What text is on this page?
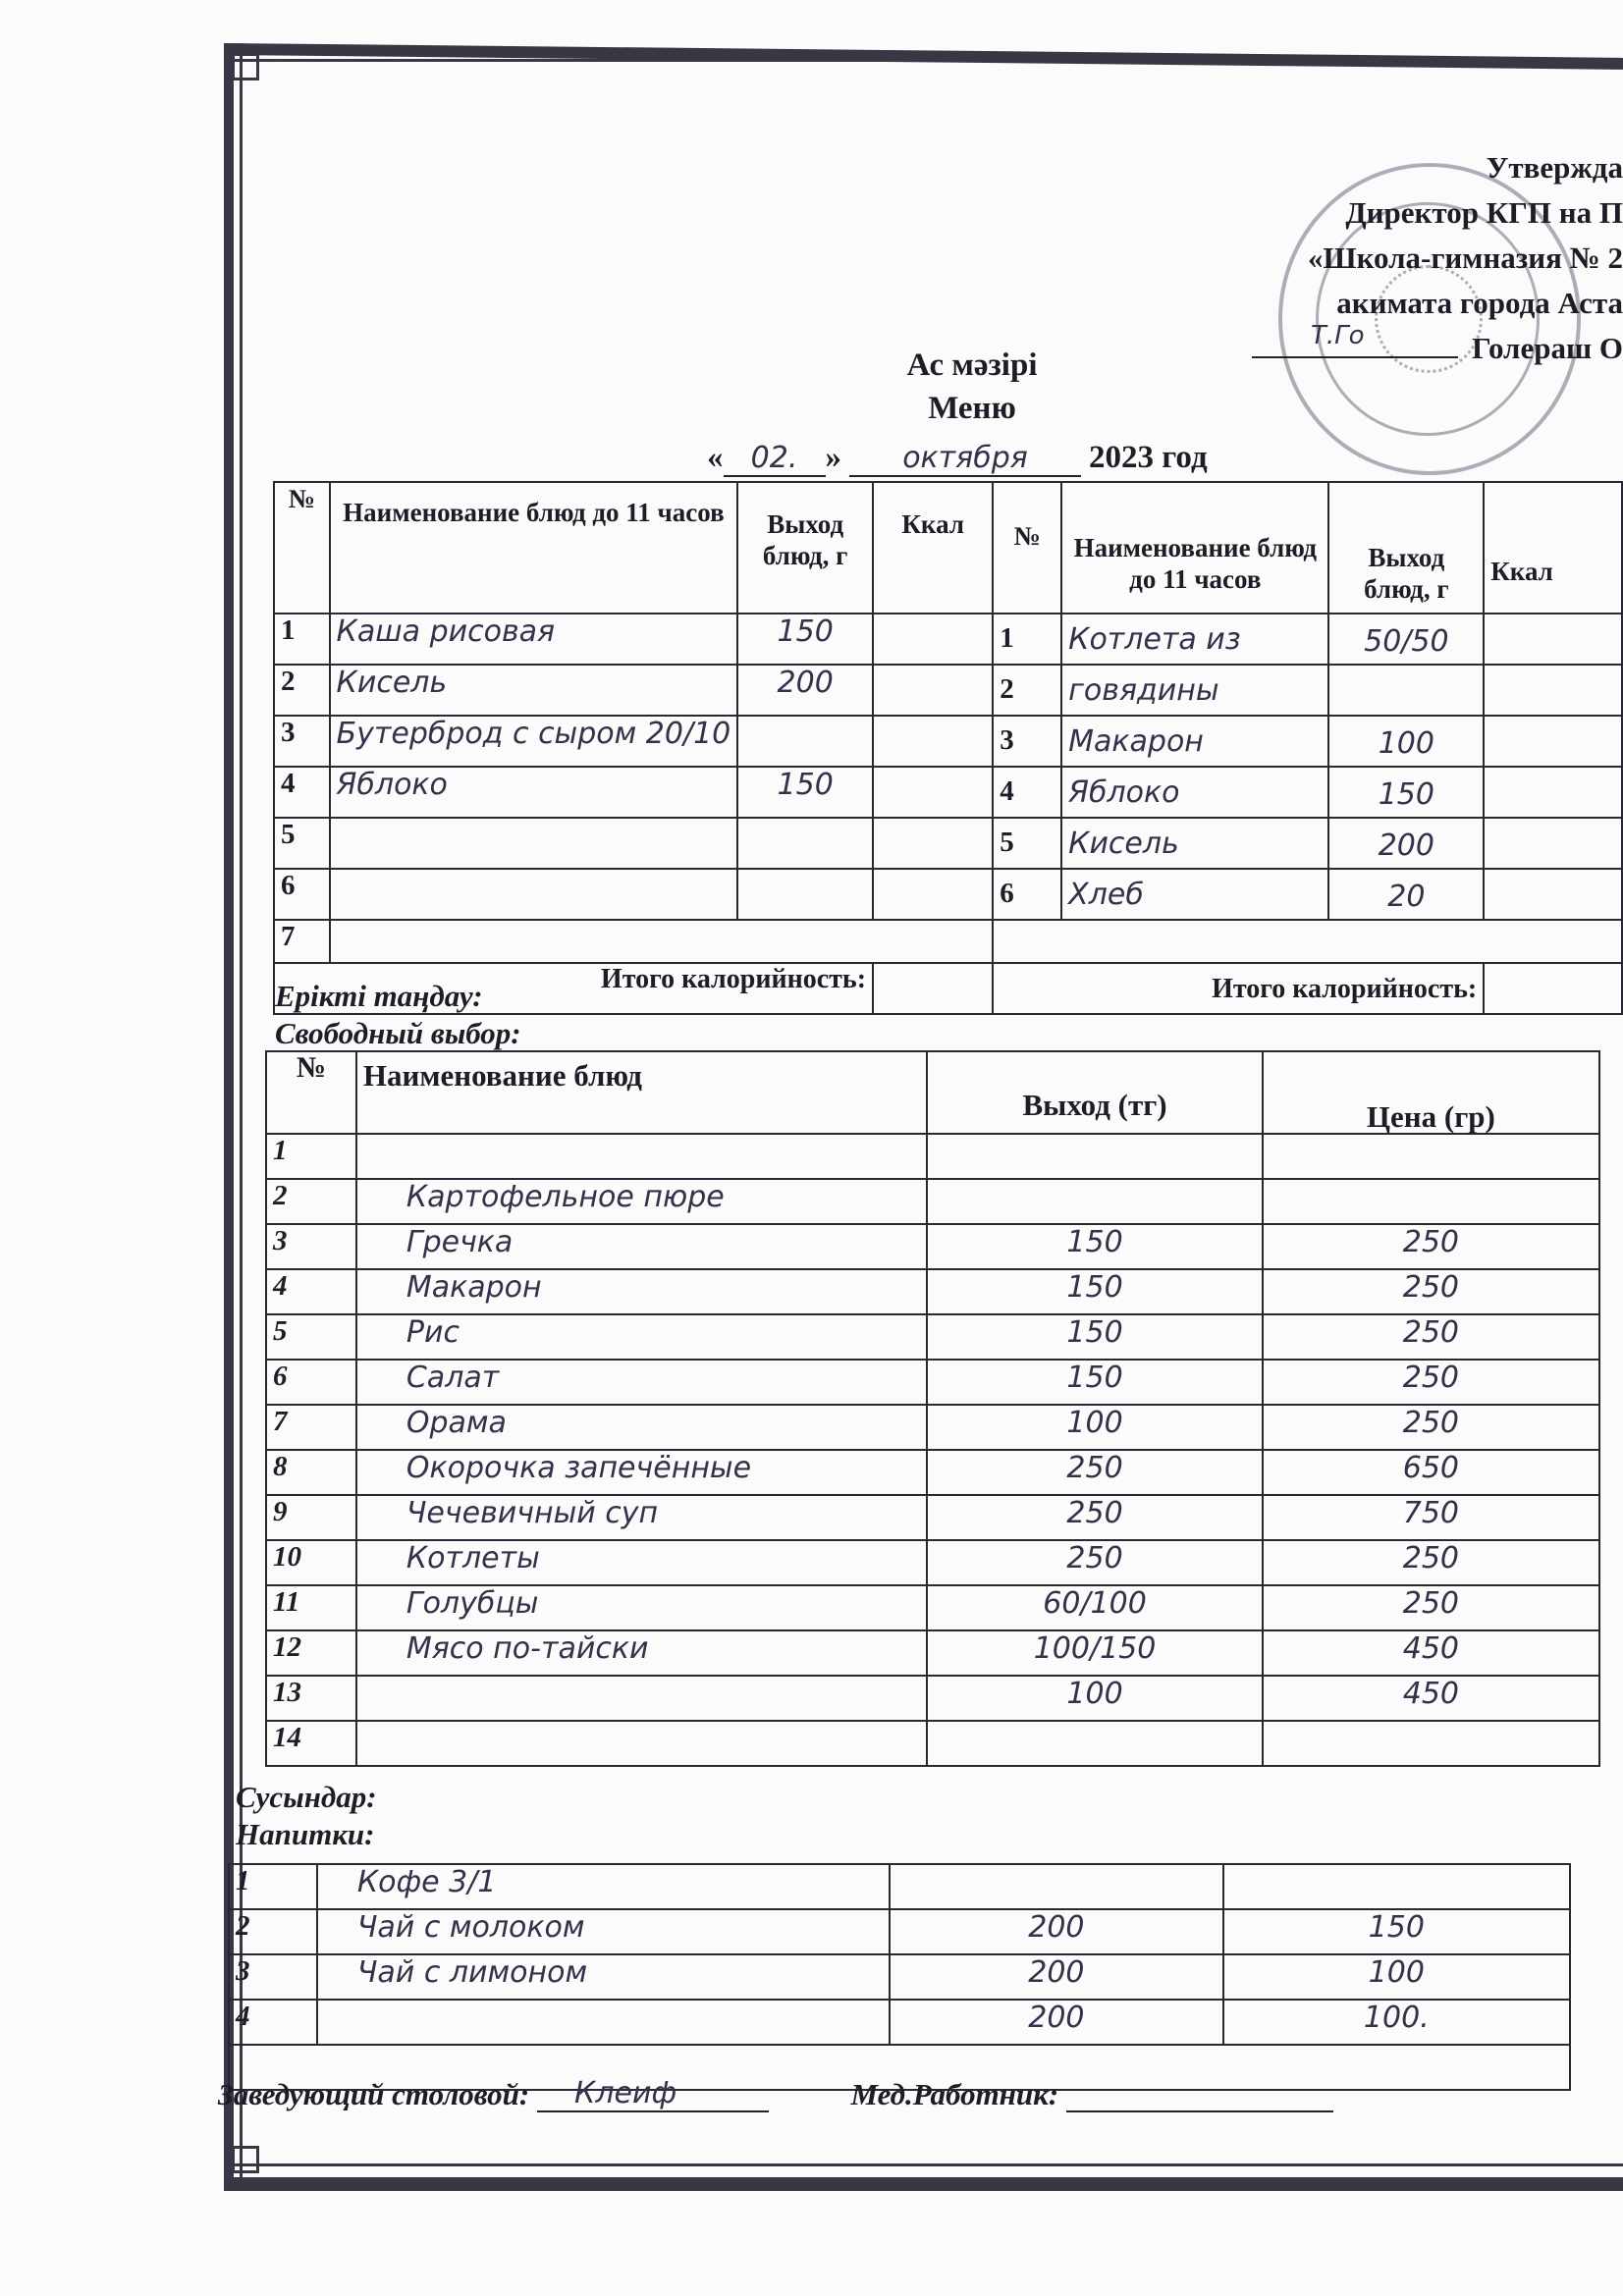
Утвержда
Директор КГП на П
«Школа-гимназия № 2
акимата города Аста
Т.Го	Голераш О
Ас мәзірі
Меню
« 02. » октября 2023 год
№	Наименование блюд до 11 часов	Выход блюд, г	Ккал	№	Наименование блюд до 11 часов	Выход блюд, г	Ккал
1	Каша рисовая	150		1	Котлета из	50/50	
2	Кисель	200		2	говядины		
3	Бутерброд с сыром 20/10			3	Макарон	100	
4	Яблоко	150		4	Яблоко	150	
5				5	Кисель	200	
6				6	Хлеб	20	
7							
Итого калорийность:				Итого калорийность:			
Ерікті таңдау:
Свободный выбор:
№	Наименование блюд	Выход (тг)	Цена (гр)
1			
2	Картофельное пюре		
3	Гречка	150	250
4	Макарон	150	250
5	Рис	150	250
6	Салат	150	250
7	Орама	100	250
8	Окорочка запечённые	250	650
9	Чечевичный суп	250	750
10	Котлеты	250	250
11	Голубцы	60/100	250
12	Мясо по-тайски	100/150	450
13		100	450
14			
Сусындар:
Напитки:
1	Кофе 3/1		
2	Чай с молоком	200	150
3	Чай с лимоном	200	100
4		200	100.

Заведующий столовой: Клеиф	Мед.Работник:
